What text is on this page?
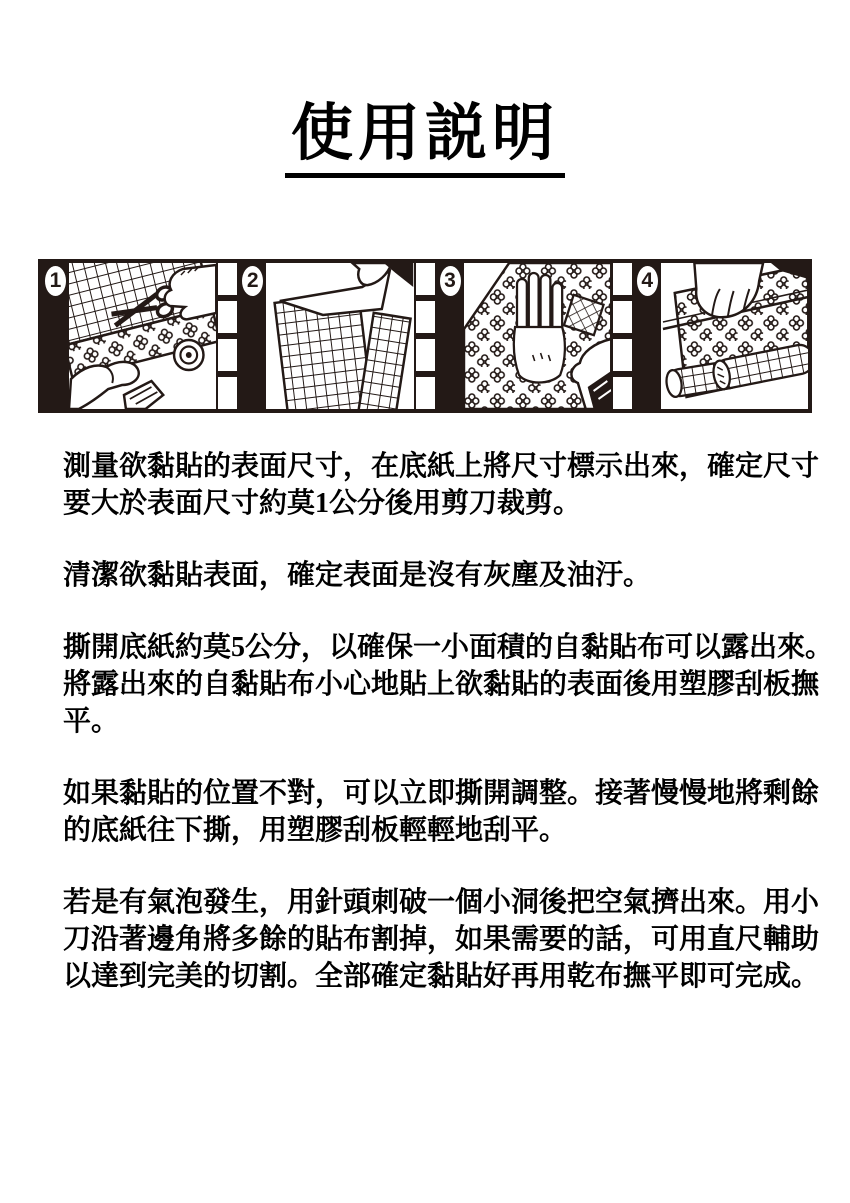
使用説明
1	2	3	4
測量欲黏貼的表面尺寸，在底紙上將尺寸標示出來，確定尺寸
要大於表面尺寸約莫1公分後用剪刀裁剪。
清潔欲黏貼表面，確定表面是沒有灰塵及油汙。
撕開底紙約莫5公分，以確保一小面積的自黏貼布可以露出來。
將露出來的自黏貼布小心地貼上欲黏貼的表面後用塑膠刮板撫
平。
如果黏貼的位置不對，可以立即撕開調整。接著慢慢地將剩餘
的底紙往下撕，用塑膠刮板輕輕地刮平。
若是有氣泡發生，用針頭刺破一個小洞後把空氣擠出來。用小
刀沿著邊角將多餘的貼布割掉，如果需要的話，可用直尺輔助
以達到完美的切割。全部確定黏貼好再用乾布撫平即可完成。
